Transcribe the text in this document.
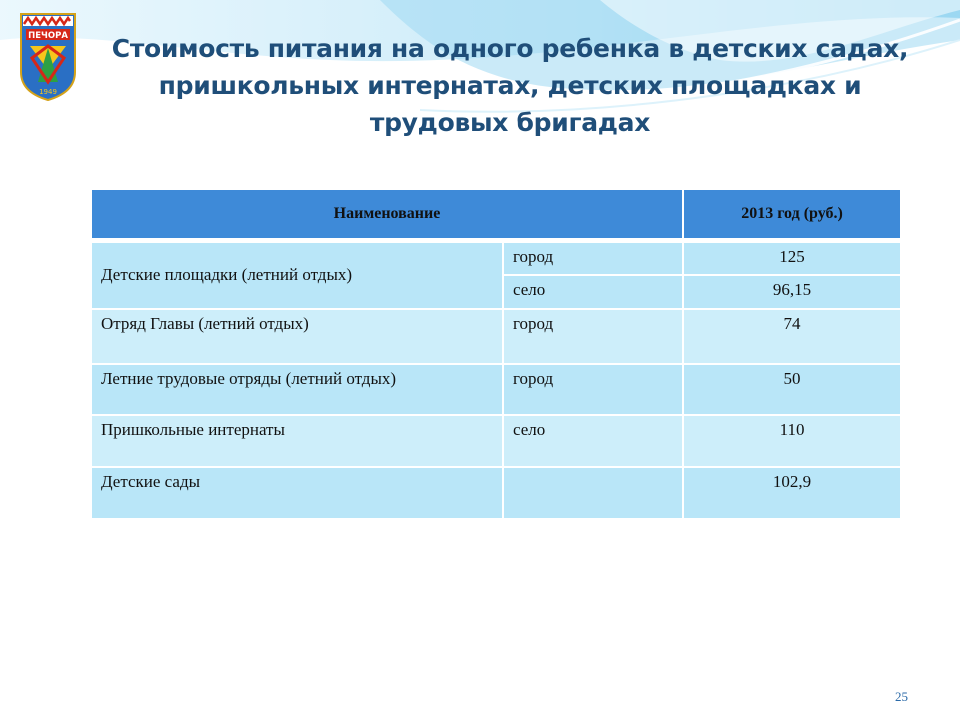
ПЕЧОРА
1949
Стоимость питания на одного ребенка в детских садах, пришкольных интернатах, детских площадках и трудовых бригадах
Наименование		2013 год (руб.)
Детские площадки (летний отдых)	город	125
	село	96,15
Отряд Главы (летний отдых)	город	74
Летние трудовые отряды (летний отдых)	город	50
Пришкольные интернаты	село	110
Детские сады		102,9
25
